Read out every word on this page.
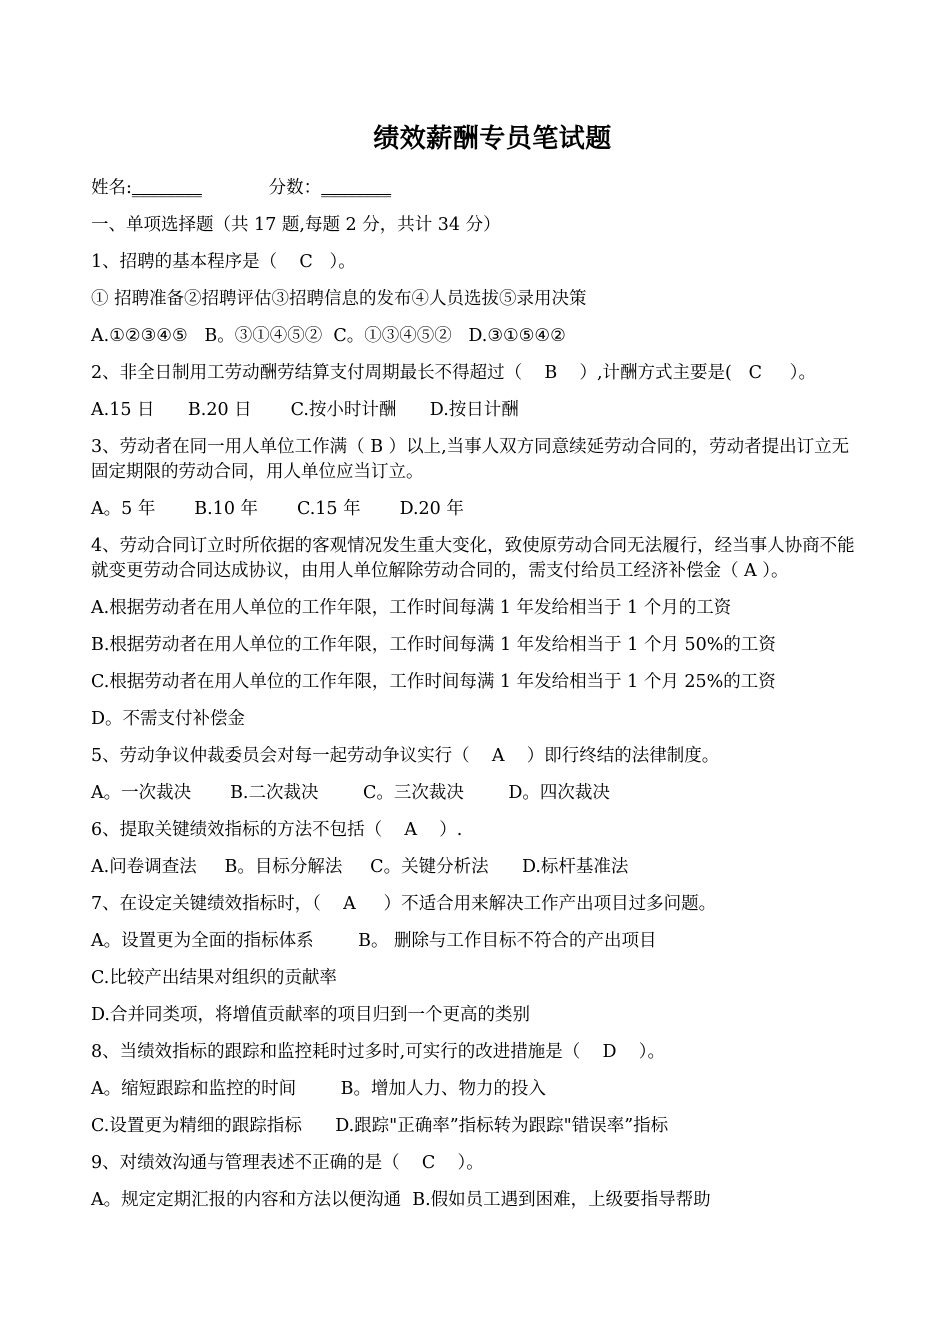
绩效薪酬专员笔试题
姓名:________	分数：________
一、单项选择题（共 17 题,每题 2 分，共计 34 分）
1、招聘的基本程序是（    C   ）。
① 招聘准备②招聘评估③招聘信息的发布④人员选拔⑤录用决策
A.①②③④⑤   B。③①④⑤②  C。①③④⑤②   D.③①⑤④②
2、非全日制用工劳动酬劳结算支付周期最长不得超过（    B    ）,计酬方式主要是(   C     ）。
A.15 日      B.20 日       C.按小时计酬      D.按日计酬
3、劳动者在同一用人单位工作满（ B ）以上,当事人双方同意续延劳动合同的，劳动者提出订立无固定期限的劳动合同，用人单位应当订立。
A。5 年       B.10 年       C.15 年       D.20 年
4、劳动合同订立时所依据的客观情况发生重大变化，致使原劳动合同无法履行，经当事人协商不能就变更劳动合同达成协议，由用人单位解除劳动合同的，需支付给员工经济补偿金（ A ）。
A.根据劳动者在用人单位的工作年限，工作时间每满 1 年发给相当于 1 个月的工资
B.根据劳动者在用人单位的工作年限，工作时间每满 1 年发给相当于 1 个月 50%的工资
C.根据劳动者在用人单位的工作年限，工作时间每满 1 年发给相当于 1 个月 25%的工资
D。不需支付补偿金
5、劳动争议仲裁委员会对每一起劳动争议实行（    A    ）即行终结的法律制度。
A。一次裁决       B.二次裁决        C。三次裁决        D。四次裁决
6、提取关键绩效指标的方法不包括（    A    ）.
A.问卷调查法     B。目标分解法     C。关键分析法      D.标杆基准法
7、在设定关键绩效指标时，（    A     ）不适合用来解决工作产出项目过多问题。
A。设置更为全面的指标体系        B。 删除与工作目标不符合的产出项目
C.比较产出结果对组织的贡献率
D.合并同类项，将增值贡献率的项目归到一个更高的类别
8、当绩效指标的跟踪和监控耗时过多时,可实行的改进措施是（    D    ）。
A。缩短跟踪和监控的时间        B。增加人力、物力的投入
C.设置更为精细的跟踪指标      D.跟踪"正确率”指标转为跟踪"错误率”指标
9、对绩效沟通与管理表述不正确的是（    C    ）。
A。规定定期汇报的内容和方法以便沟通  B.假如员工遇到困难，上级要指导帮助
